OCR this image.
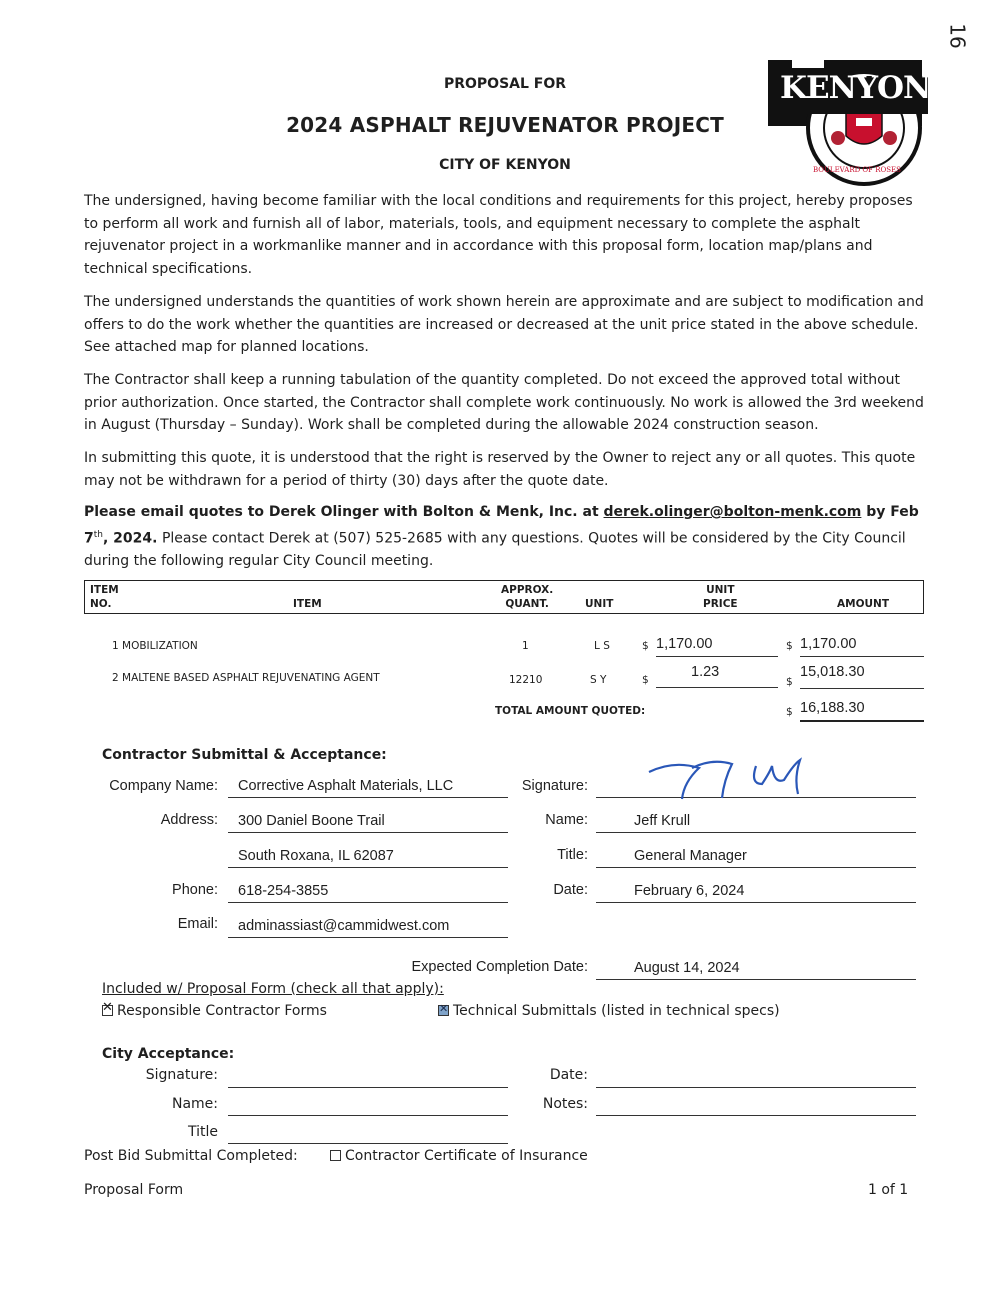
16
PROPOSAL FOR
2024 ASPHALT REJUVENATOR PROJECT
CITY OF KENYON
KENYON
BOULEVARD OF ROSES
The undersigned, having become familiar with the local conditions and requirements for this project, hereby proposes to perform all work and furnish all of labor, materials, tools, and equipment necessary to complete the asphalt rejuvenator project in a workmanlike manner and in accordance with this proposal form, location map/plans and technical specifications.
The undersigned understands the quantities of work shown herein are approximate and are subject to modification and offers to do the work whether the quantities are increased or decreased at the unit price stated in the above schedule. See attached map for planned locations.
The Contractor shall keep a running tabulation of the quantity completed. Do not exceed the approved total without prior authorization. Once started, the Contractor shall complete work continuously. No work is allowed the 3rd weekend in August (Thursday – Sunday). Work shall be completed during the allowable 2024 construction season.
In submitting this quote, it is understood that the right is reserved by the Owner to reject any or all quotes. This quote may not be withdrawn for a period of thirty (30) days after the quote date.
Please email quotes to Derek Olinger with Bolton & Menk, Inc. at derek.olinger@bolton-menk.com by Feb 7th, 2024. Please contact Derek at (507) 525-2685 with any questions. Quotes will be considered by the City Council during the following regular City Council meeting.
ITEM
NO.	ITEM
APPROX.
QUANT.	UNIT
UNIT
PRICE	AMOUNT
1 MOBILIZATION	1	L S	$ 1,170.00	$ 1,170.00
2 MALTENE BASED ASPHALT REJUVENATING AGENT	12210	S Y	$	1.23
$
15,018.30
TOTAL AMOUNT QUOTED:	$ 16,188.30
Contractor Submittal & Acceptance:
Company Name:	Corrective Asphalt Materials, LLC	Signature:
Address:	300 Daniel Boone Trail	Name:	Jeff Krull
South Roxana, IL 62087	Title:	General Manager
Phone:	618-254-3855	Date:	February 6, 2024
Email:	adminassiast@cammidwest.com
Expected Completion Date:	August 14, 2024
Included w/ Proposal Form (check all that apply):
✕ Responsible Contractor Forms
✕	Technical Submittals (listed in technical specs)
City Acceptance:
Signature:	Date:
Name:	Notes:
Title
Post Bid Submittal Completed:	Contractor Certificate of Insurance
Proposal Form	1 of 1
